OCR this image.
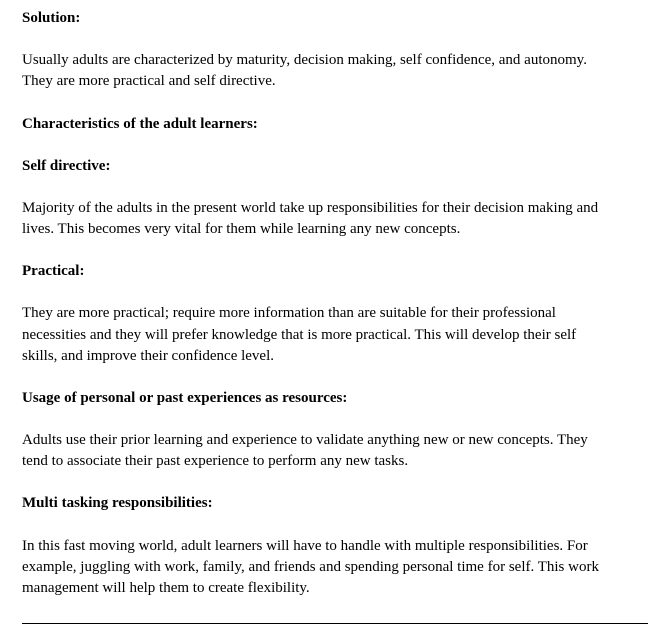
Solution:
Usually adults are characterized by maturity, decision making, self confidence, and autonomy.
They are more practical and self directive.
Characteristics of the adult learners:
Self directive:
Majority of the adults in the present world take up responsibilities for their decision making and
lives. This becomes very vital for them while learning any new concepts.
Practical:
They are more practical; require more information than are suitable for their professional
necessities and they will prefer knowledge that is more practical. This will develop their self
skills, and improve their confidence level.
Usage of personal or past experiences as resources:
Adults use their prior learning and experience to validate anything new or new concepts. They
tend to associate their past experience to perform any new tasks.
Multi tasking responsibilities:
In this fast moving world, adult learners will have to handle with multiple responsibilities. For
example, juggling with work, family, and friends and spending personal time for self. This work
management will help them to create flexibility.
